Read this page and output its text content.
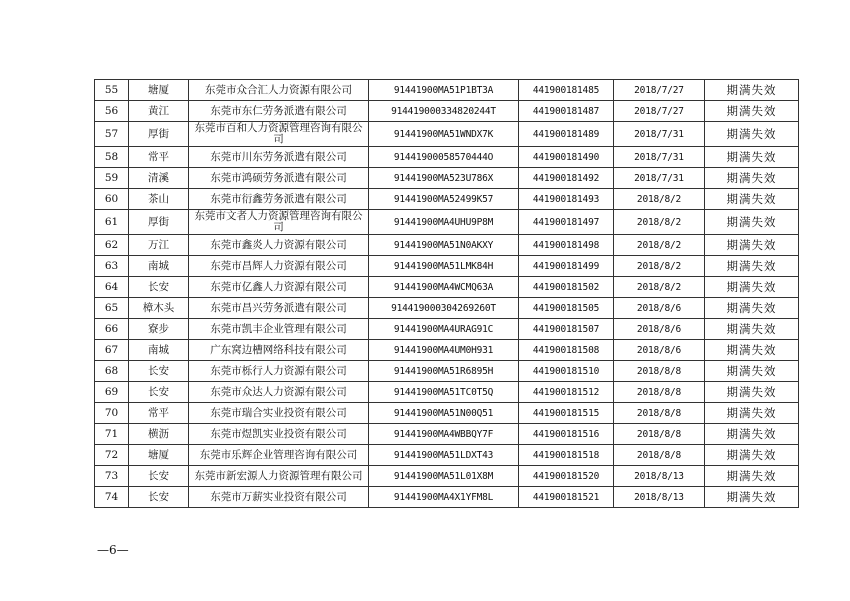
55	塘厦	东莞市众合汇人力资源有限公司	91441900MA51P1BT3A	441900181485	2018/7/27	期满失效
56	黄江	东莞市东仁劳务派遣有限公司	914419000334820244T	441900181487	2018/7/27	期满失效
57	厚街	东莞市百和人力资源管理咨询有限公司	91441900MA51WNDX7K	441900181489	2018/7/31	期满失效
58	常平	东莞市川东劳务派遣有限公司	91441900058570444O	441900181490	2018/7/31	期满失效
59	清溪	东莞市鸿硕劳务派遣有限公司	91441900MA523U786X	441900181492	2018/7/31	期满失效
60	茶山	东莞市衍鑫劳务派遣有限公司	91441900MA52499K57	441900181493	2018/8/2	期满失效
61	厚街	东莞市文者人力资源管理咨询有限公司	91441900MA4UHU9P8M	441900181497	2018/8/2	期满失效
62	万江	东莞市鑫炎人力资源有限公司	91441900MA51N0AKXY	441900181498	2018/8/2	期满失效
63	南城	东莞市昌辉人力资源有限公司	91441900MA51LMK84H	441900181499	2018/8/2	期满失效
64	长安	东莞市亿鑫人力资源有限公司	91441900MA4WCMQ63A	441900181502	2018/8/2	期满失效
65	樟木头	东莞市昌兴劳务派遣有限公司	914419000304269260T	441900181505	2018/8/6	期满失效
66	寮步	东莞市凯丰企业管理有限公司	91441900MA4URAG91C	441900181507	2018/8/6	期满失效
67	南城	广东窝边槽网络科技有限公司	91441900MA4UM0H931	441900181508	2018/8/6	期满失效
68	长安	东莞市栎行人力资源有限公司	91441900MA51R6895H	441900181510	2018/8/8	期满失效
69	长安	东莞市众达人力资源有限公司	91441900MA51TC0T5Q	441900181512	2018/8/8	期满失效
70	常平	东莞市瑞合实业投资有限公司	91441900MA51N00Q51	441900181515	2018/8/8	期满失效
71	横沥	东莞市煜凯实业投资有限公司	91441900MA4WBBQY7F	441900181516	2018/8/8	期满失效
72	塘厦	东莞市乐辉企业管理咨询有限公司	91441900MA51LDXT43	441900181518	2018/8/8	期满失效
73	长安	东莞市新宏源人力资源管理有限公司	91441900MA51L01X8M	441900181520	2018/8/13	期满失效
74	长安	东莞市万薪实业投资有限公司	91441900MA4X1YFM8L	441900181521	2018/8/13	期满失效
—6—
